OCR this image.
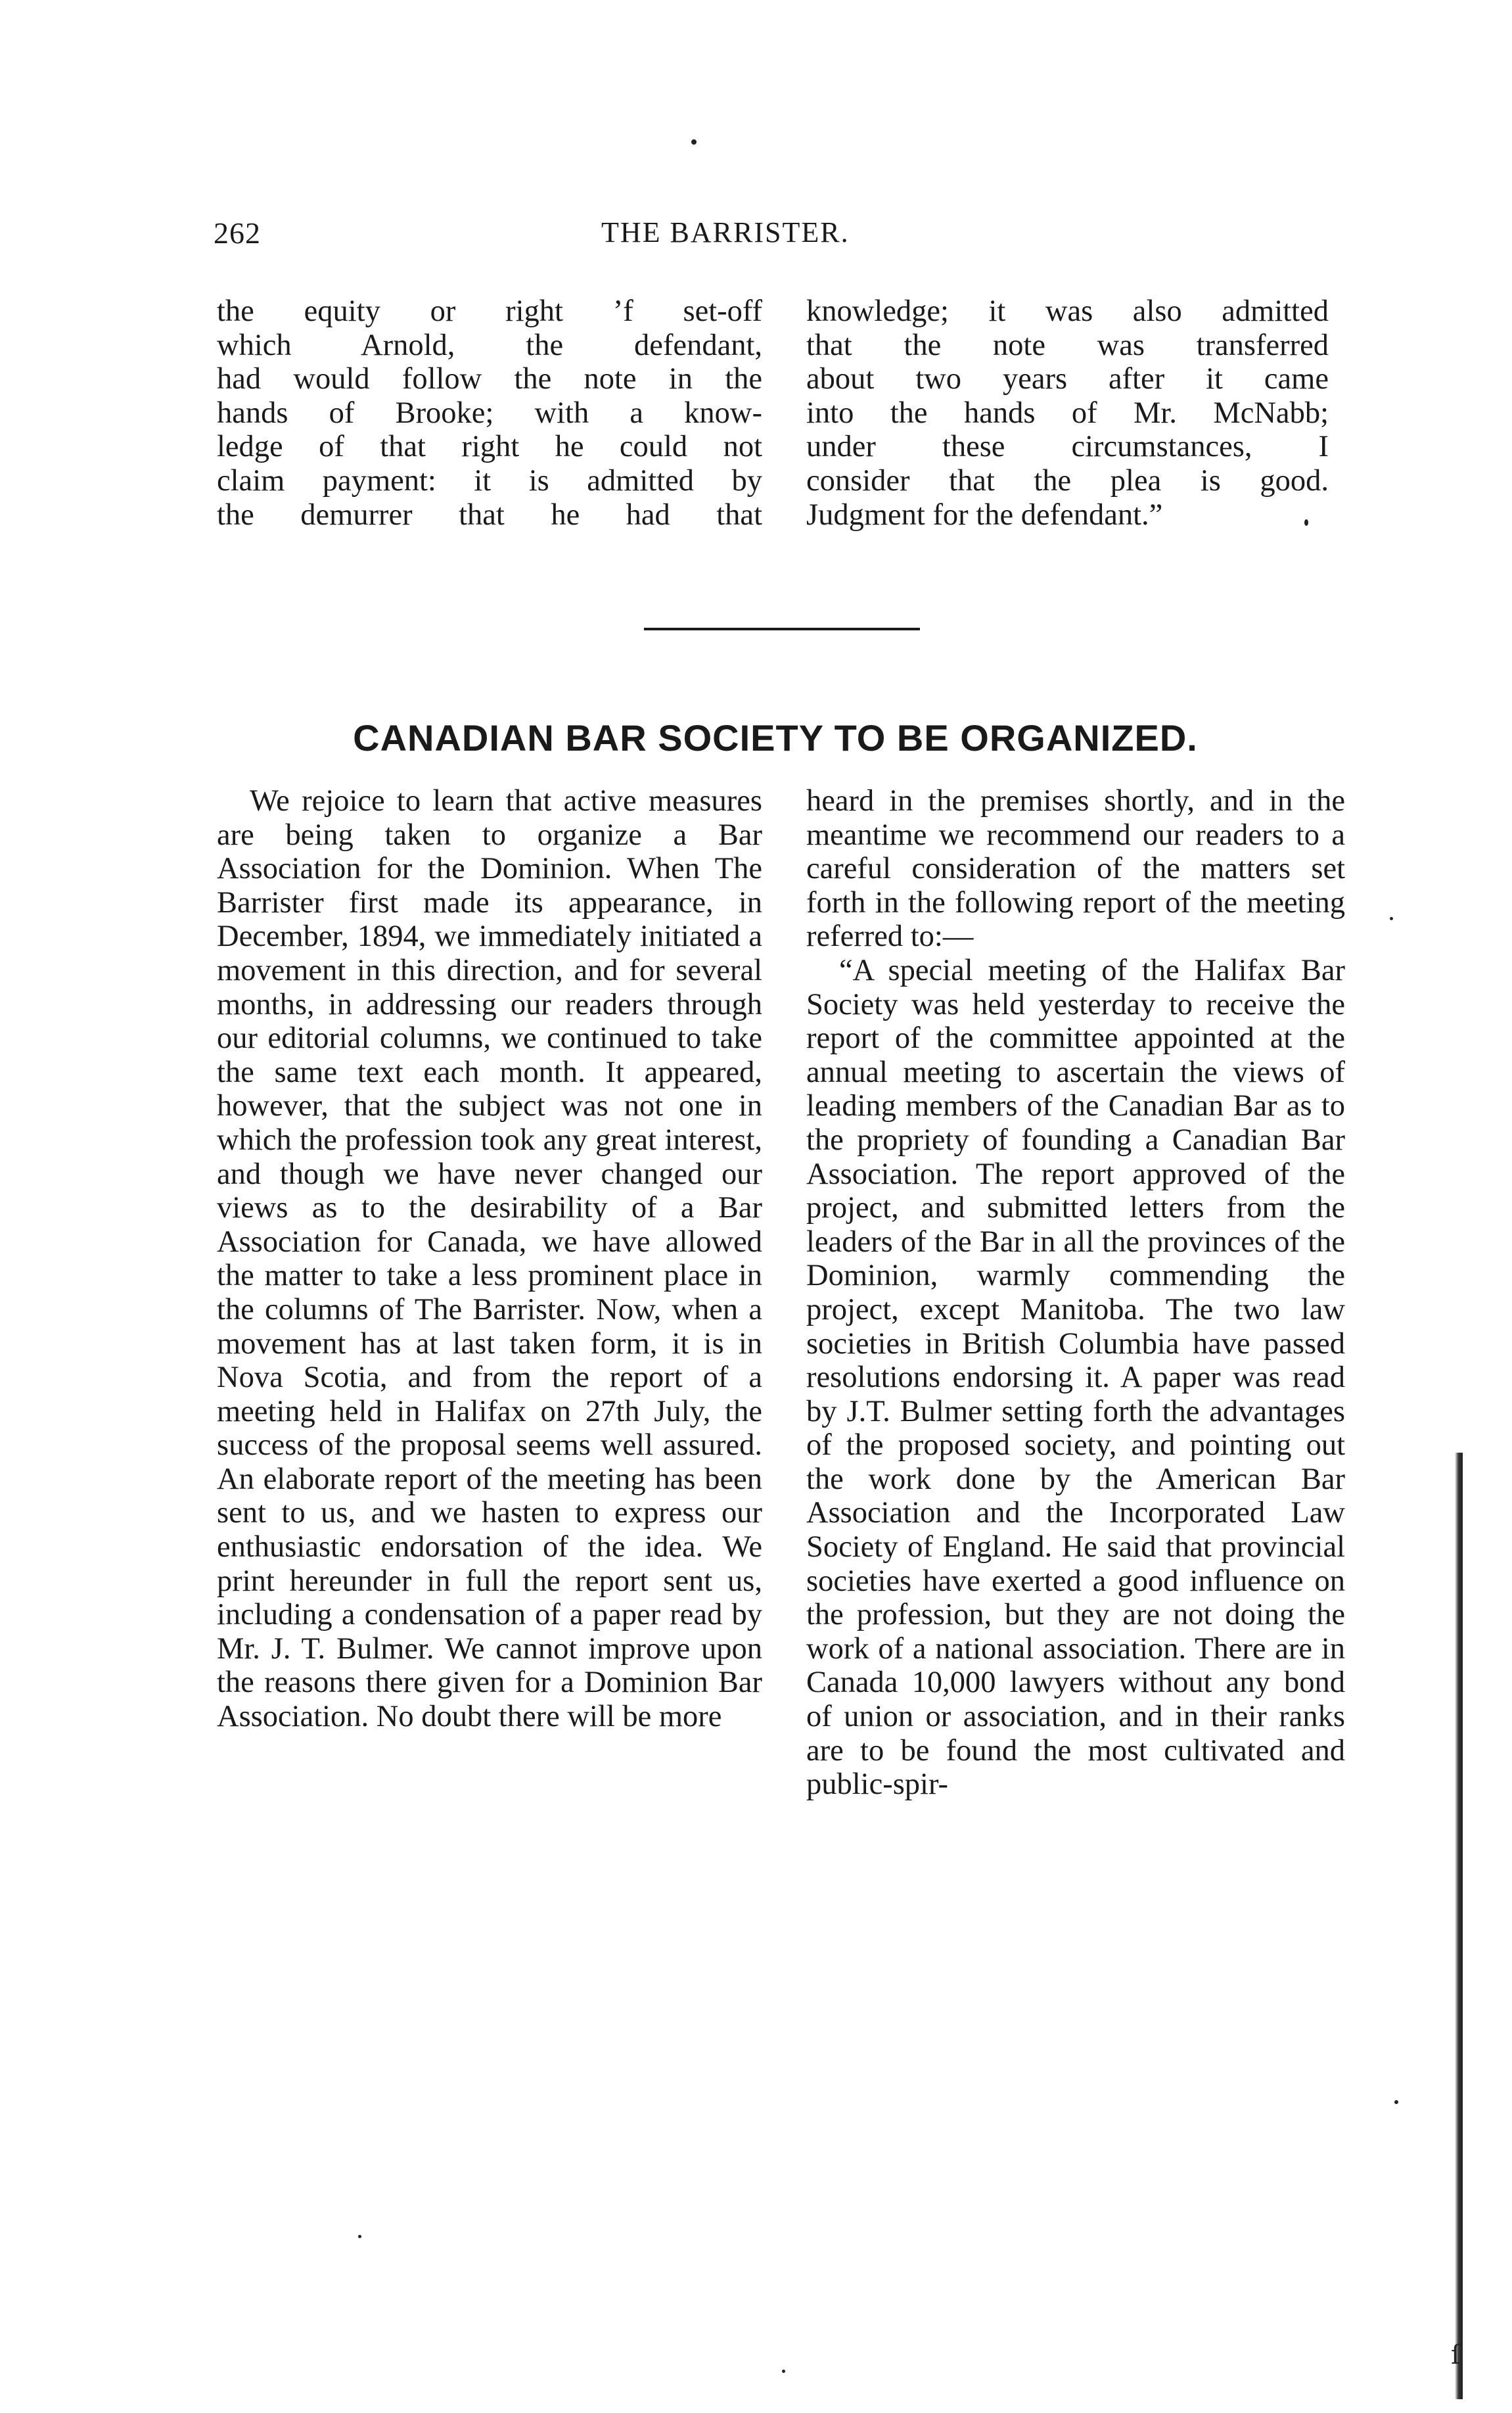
262	THE BARRISTER.

the equity or right ʼf set-off

which Arnold, the defendant,

had would follow the note in the

hands of Brooke; with a know-

ledge of that right he could not

claim payment: it is admitted by

the demurrer that he had that

knowledge; it was also admitted

that the note was transferred

about two years after it came

into the hands of Mr. McNabb;

under these circumstances, I

consider that the plea is good.

Judgment for the defendant.”

CANADIAN BAR SOCIETY TO BE ORGANIZED.

We rejoice to learn that active measures are being taken to organize a Bar Association for the Dominion. When The Barrister first made its appearance, in December, 1894, we immediately initiated a movement in this direction, and for several months, in addressing our readers through our editorial columns, we continued to take the same text each month. It appeared, however, that the subject was not one in which the profession took any great interest, and though we have never changed our views as to the desirability of a Bar Association for Canada, we have allowed the matter to take a less prominent place in the columns of The Barrister. Now, when a movement has at last taken form, it is in Nova Scotia, and from the report of a meeting held in Halifax on 27th July, the success of the proposal seems well assured. An elaborate report of the meeting has been sent to us, and we hasten to express our enthusiastic endorsation of the idea. We print hereunder in full the report sent us, including a condensation of a paper read by Mr. J. T. Bulmer. We cannot improve upon the reasons there given for a Dominion Bar Association. No doubt there will be more

heard in the premises shortly, and in the meantime we recommend our readers to a careful consideration of the matters set forth in the following report of the meeting referred to:—

“A special meeting of the Halifax Bar Society was held yesterday to receive the report of the committee appointed at the annual meeting to ascertain the views of leading members of the Canadian Bar as to the propriety of founding a Canadian Bar Association. The report approved of the project, and submitted letters from the leaders of the Bar in all the provinces of the Dominion, warmly commending the project, except Manitoba. The two law societies in British Columbia have passed resolutions endorsing it. A paper was read by J.T. Bulmer setting forth the advantages of the proposed society, and pointing out the work done by the American Bar Association and the Incorporated Law Society of England. He said that provincial societies have exerted a good influence on the profession, but they are not doing the work of a national association. There are in Canada 10,000 lawyers without any bond of union or association, and in their ranks are to be found the most cultivated and public-spir-

ſ
